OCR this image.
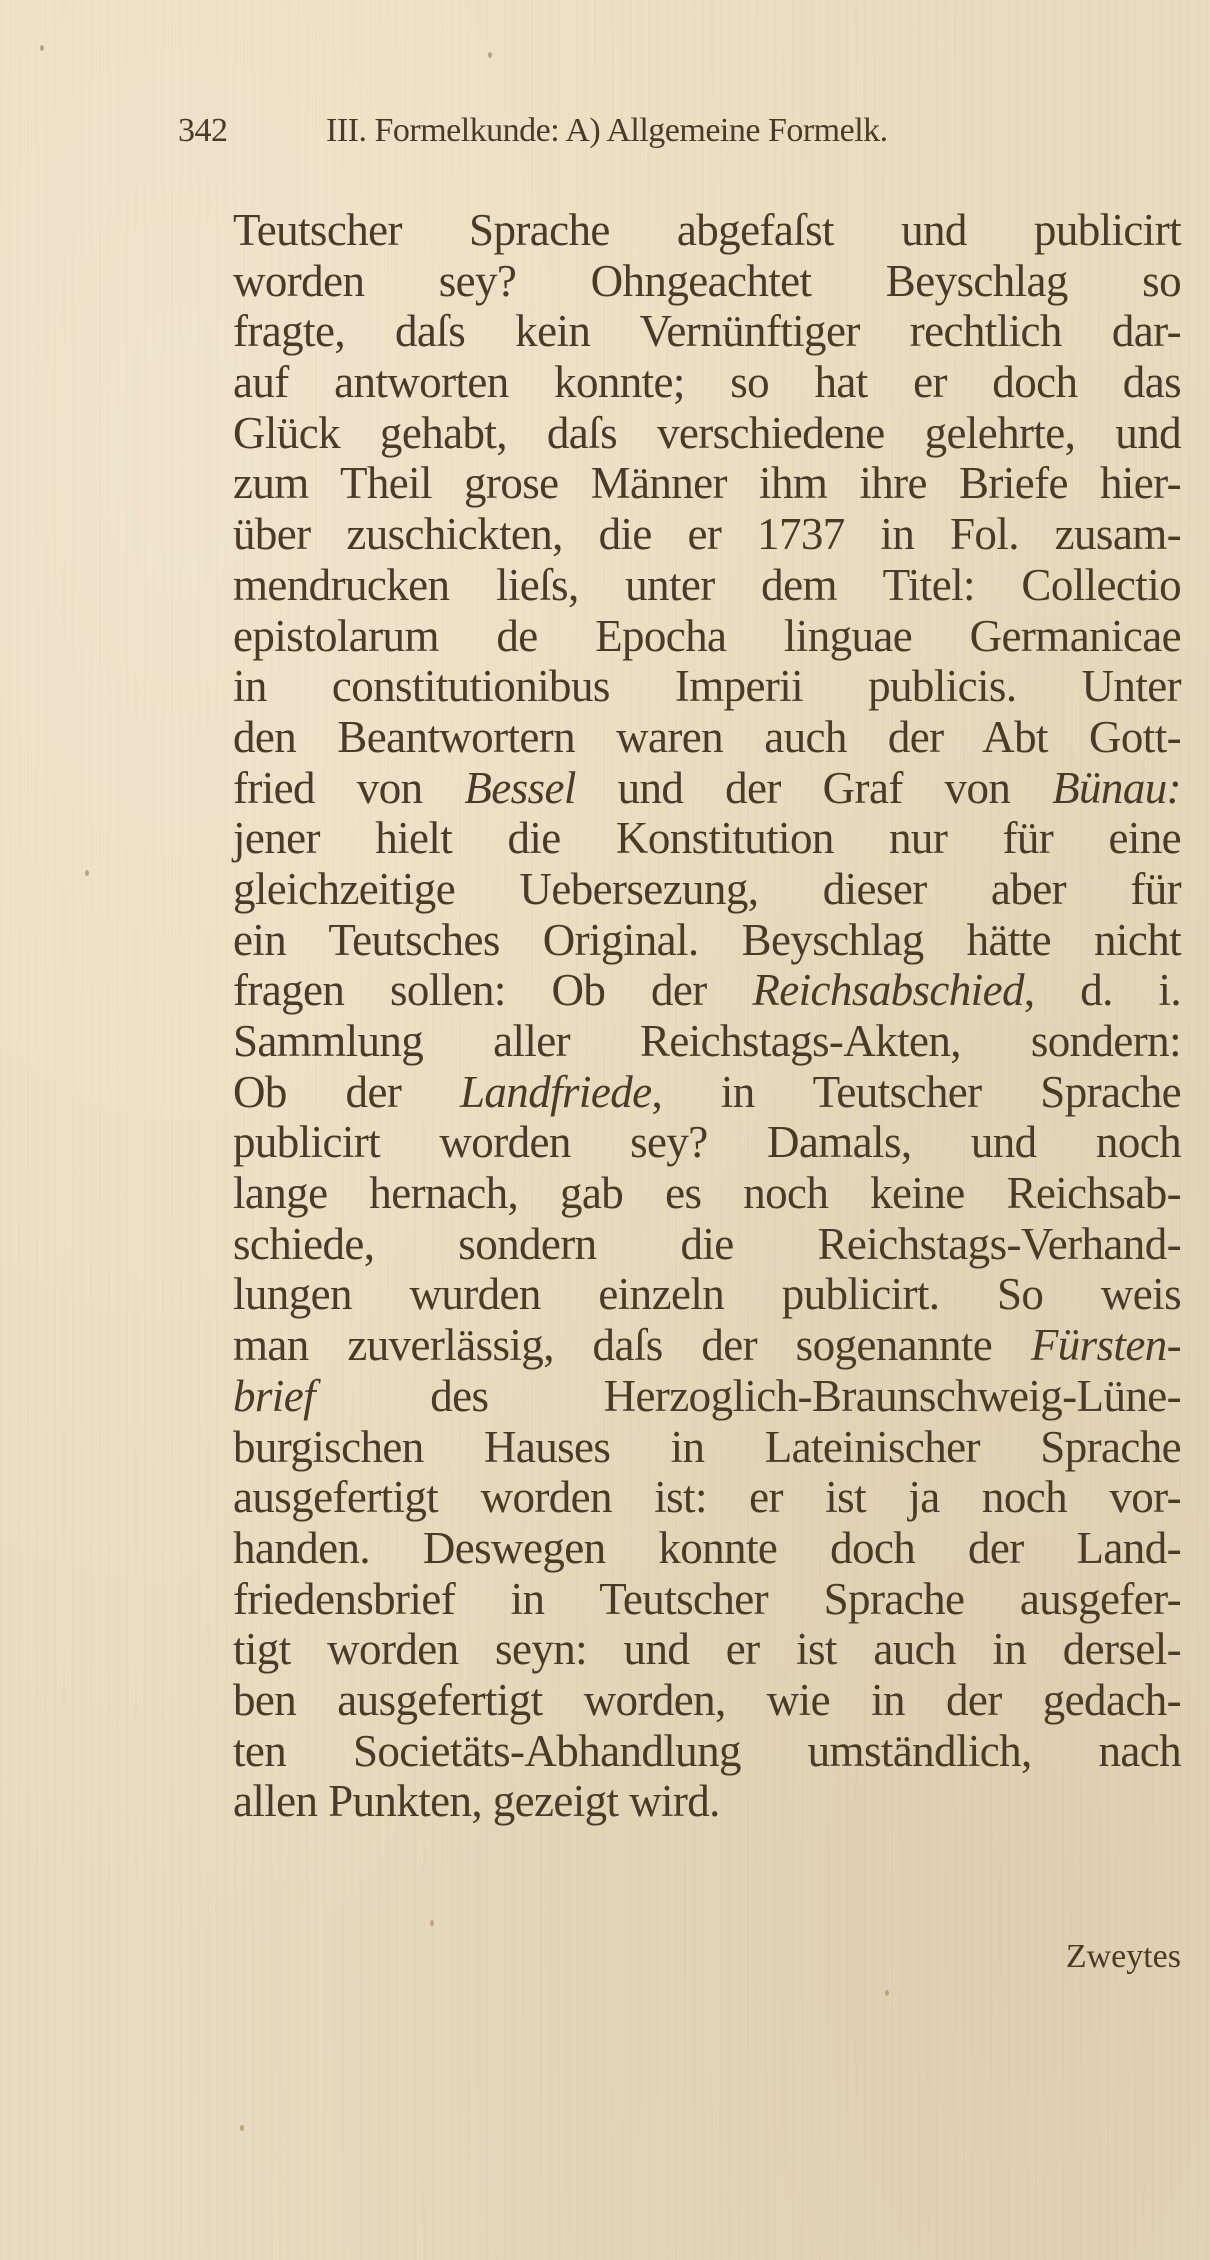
342	III. Formelkunde: A) Allgemeine Formelk.
Teutscher Sprache abgefaſst und publicirt
worden sey? Ohngeachtet Beyschlag so
fragte, daſs kein Vernünftiger rechtlich dar-
auf antworten konnte; so hat er doch das
Glück gehabt, daſs verschiedene gelehrte, und
zum Theil grose Männer ihm ihre Briefe hier-
über zuschickten, die er 1737 in Fol. zusam-
mendrucken lieſs, unter dem Titel: Collectio
epistolarum de Epocha linguae Germanicae
in constitutionibus Imperii publicis. Unter
den Beantwortern waren auch der Abt Gott-
fried von Bessel und der Graf von Bünau:
jener hielt die Konstitution nur für eine
gleichzeitige Uebersezung, dieser aber für
ein Teutsches Original. Beyschlag hätte nicht
fragen sollen: Ob der Reichsabschied, d. i.
Sammlung aller Reichstags-Akten, sondern:
Ob der Landfriede, in Teutscher Sprache
publicirt worden sey? Damals, und noch
lange hernach, gab es noch keine Reichsab-
schiede, sondern die Reichstags-Verhand-
lungen wurden einzeln publicirt. So weis
man zuverlässig, daſs der sogenannte Fürsten-
brief des Herzoglich-Braunschweig-Lüne-
burgischen Hauses in Lateinischer Sprache
ausgefertigt worden ist: er ist ja noch vor-
handen. Deswegen konnte doch der Land-
friedensbrief in Teutscher Sprache ausgefer-
tigt worden seyn: und er ist auch in dersel-
ben ausgefertigt worden, wie in der gedach-
ten Societäts-Abhandlung umständlich, nach
allen Punkten, gezeigt wird.
Zweytes
